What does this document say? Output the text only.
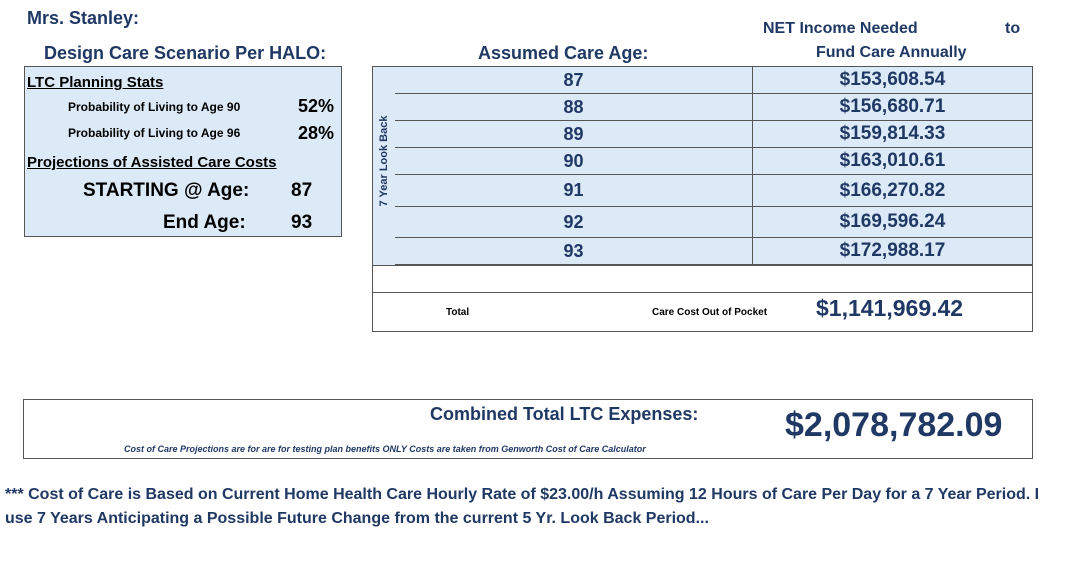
Mrs. Stanley:
Design Care Scenario Per HALO:
LTC Planning Stats
Probability of Living to Age 90	52%
Probability of Living to Age 96	28%
Projections of Assisted Care Costs
STARTING @ Age: 87
End Age: 93
Assumed Care Age:
NET Income Needed	to
Fund Care Annually
7 Year Look Back
87	$153,608.54
88	$156,680.71
89	$159,814.33
90	$163,010.61
91	$166,270.82
92	$169,596.24
93	$172,988.17
Total	Care Cost Out of Pocket $1,141,969.42
Combined Total LTC Expenses:	$2,078,782.09
Cost of Care Projections are for are for testing plan benefits ONLY Costs are taken from Genworth Cost of Care Calculator
*** Cost of Care is Based on Current Home Health Care Hourly Rate of $23.00/h Assuming 12 Hours of Care Per Day for a 7 Year Period. I use 7 Years Anticipating a Possible Future Change from the current 5 Yr. Look Back Period...
